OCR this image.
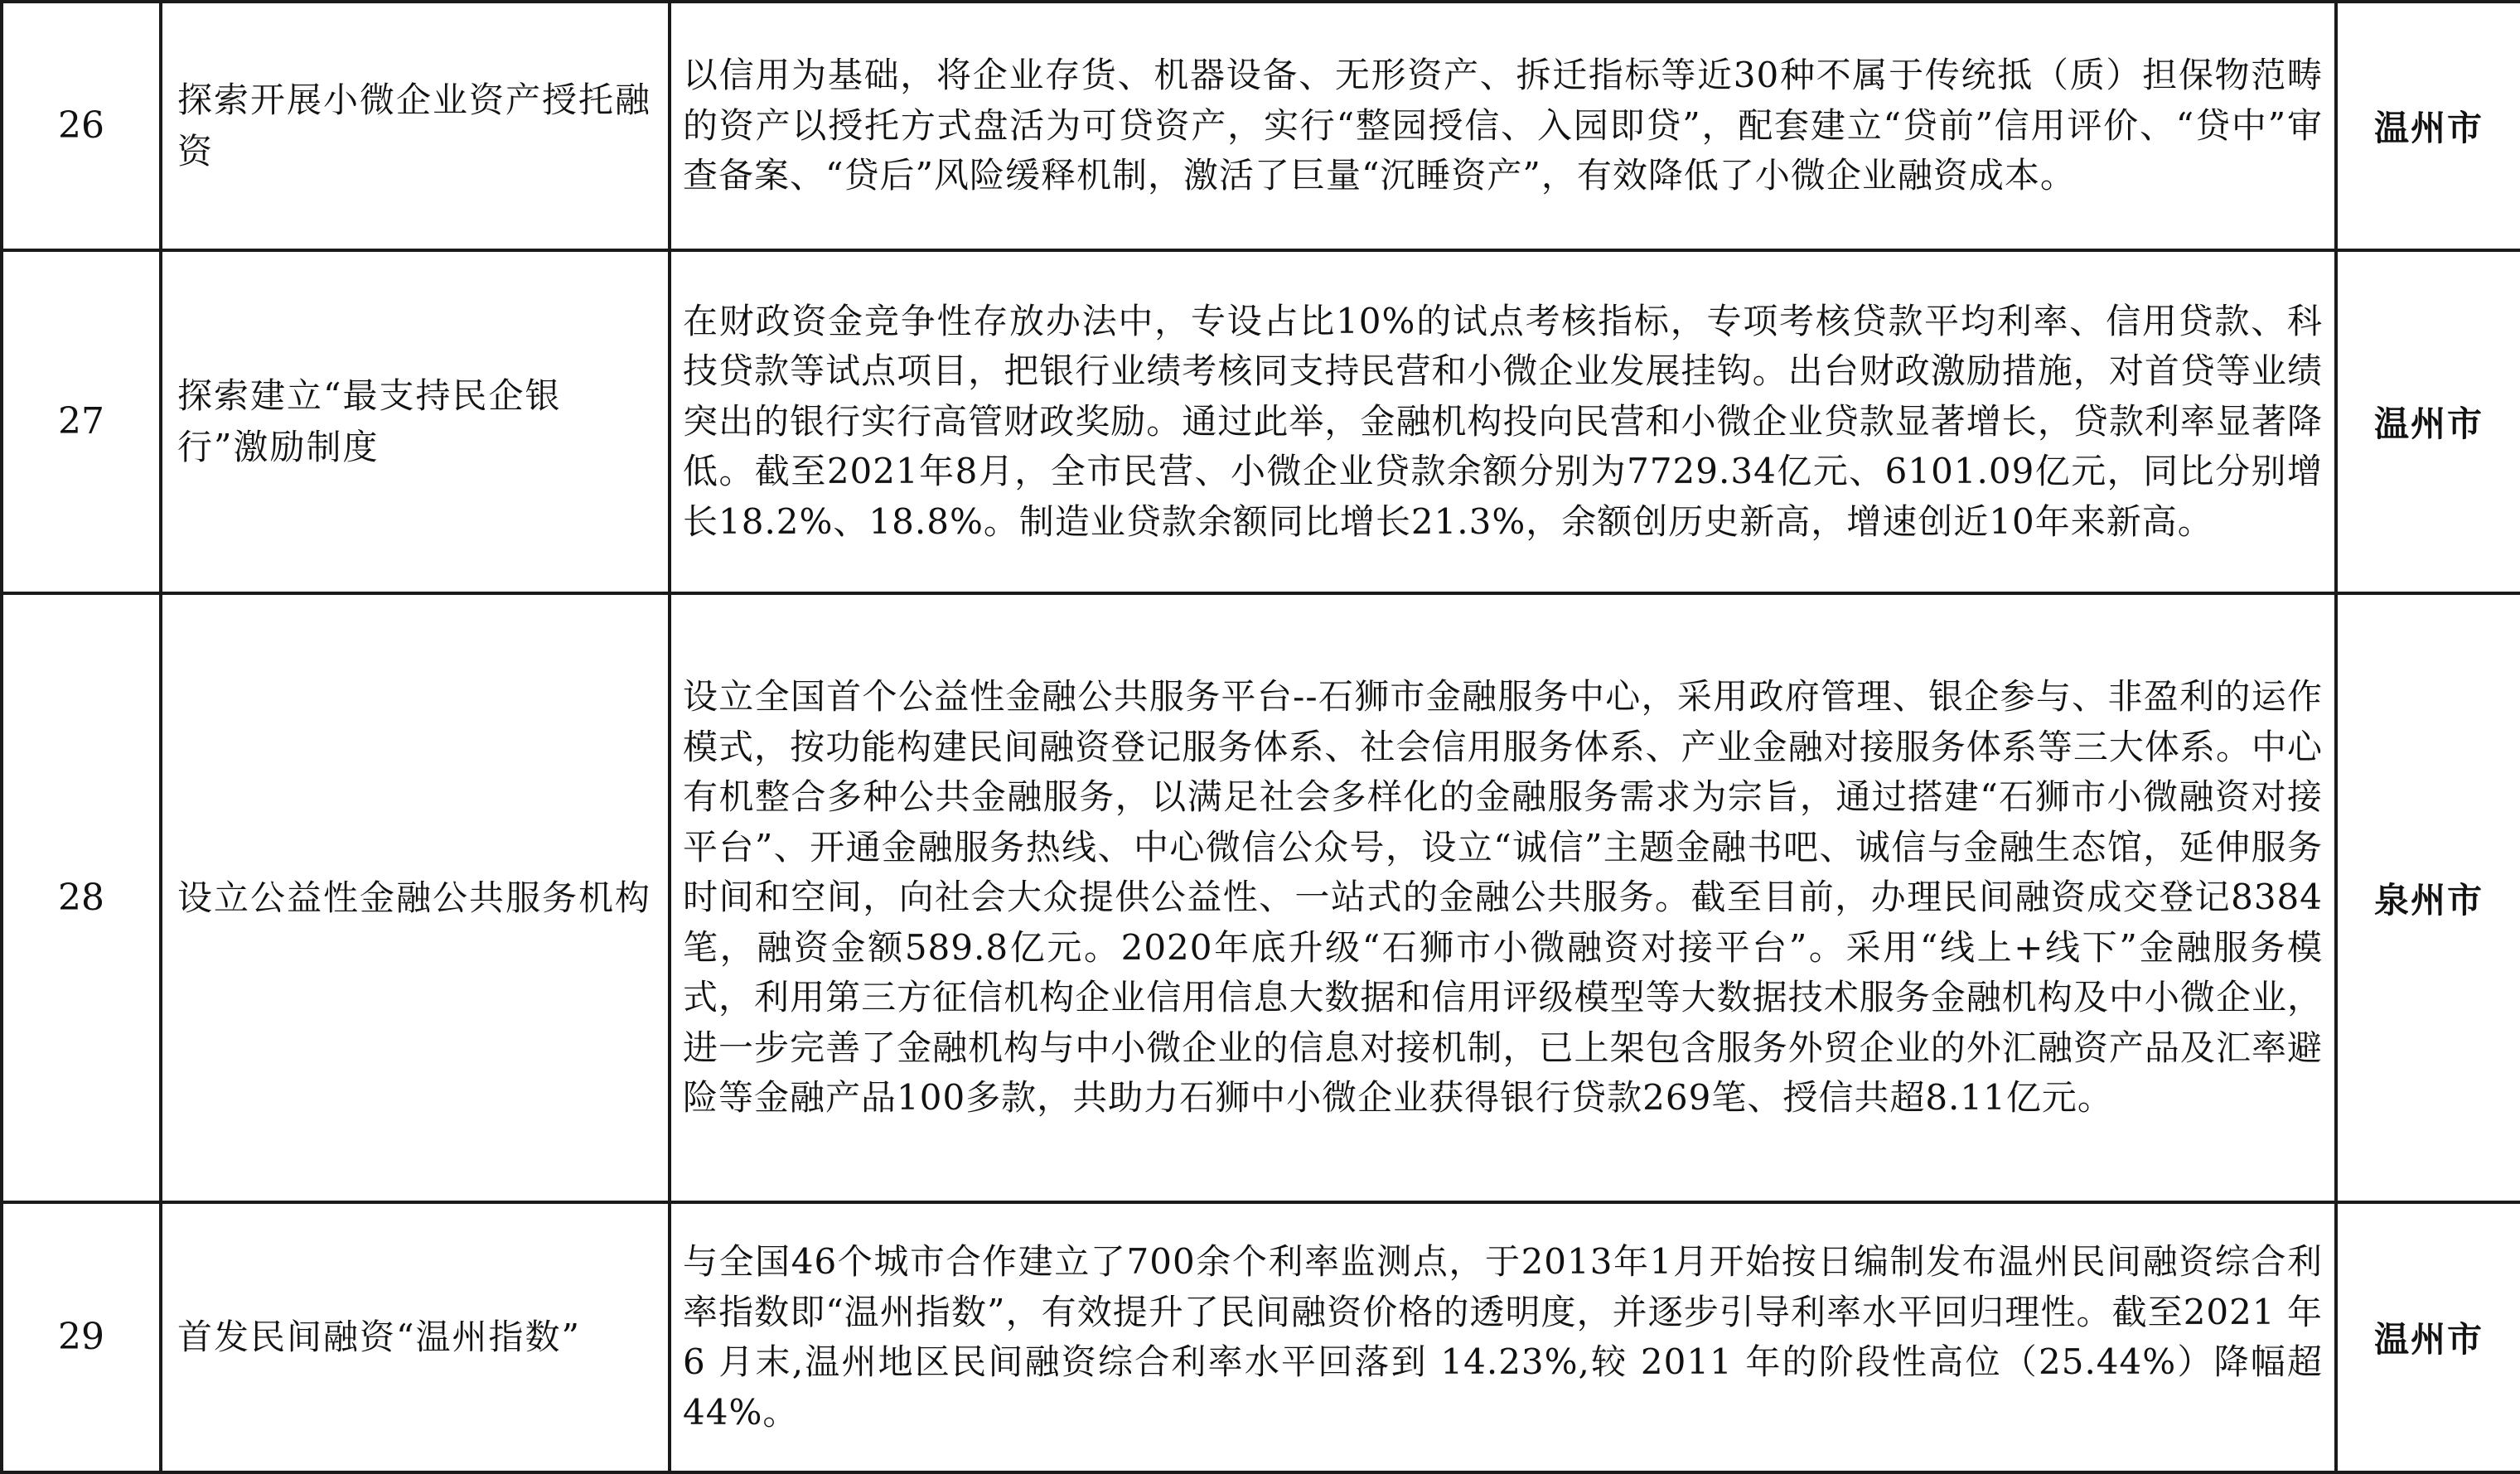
26	探索开展小微企业资产授托融资	以信用为基础，将企业存货、机器设备、无形资产、拆迁指标等近30种不属于传统抵（质）担保物范畴的资产以授托方式盘活为可贷资产，实行“整园授信、入园即贷”，配套建立“贷前”信用评价、“贷中”审查备案、“贷后”风险缓释机制，激活了巨量“沉睡资产”，有效降低了小微企业融资成本。	温州市
27	探索建立“最支持民企银行”激励制度	在财政资金竞争性存放办法中，专设占比10%的试点考核指标，专项考核贷款平均利率、信用贷款、科技贷款等试点项目，把银行业绩考核同支持民营和小微企业发展挂钩。出台财政激励措施，对首贷等业绩突出的银行实行高管财政奖励。通过此举，金融机构投向民营和小微企业贷款显著增长，贷款利率显著降低。截至2021年8月，全市民营、小微企业贷款余额分别为7729.34亿元、6101.09亿元，同比分别增长18.2%、18.8%。制造业贷款余额同比增长21.3%，余额创历史新高，增速创近10年来新高。	温州市
28	设立公益性金融公共服务机构	设立全国首个公益性金融公共服务平台--石狮市金融服务中心，采用政府管理、银企参与、非盈利的运作模式，按功能构建民间融资登记服务体系、社会信用服务体系、产业金融对接服务体系等三大体系。中心有机整合多种公共金融服务，以满足社会多样化的金融服务需求为宗旨，通过搭建“石狮市小微融资对接平台”、开通金融服务热线、中心微信公众号，设立“诚信”主题金融书吧、诚信与金融生态馆，延伸服务时间和空间，向社会大众提供公益性、一站式的金融公共服务。截至目前，办理民间融资成交登记8384笔，融资金额589.8亿元。2020年底升级“石狮市小微融资对接平台”。采用“线上+线下”金融服务模式，利用第三方征信机构企业信用信息大数据和信用评级模型等大数据技术服务金融机构及中小微企业，进一步完善了金融机构与中小微企业的信息对接机制，已上架包含服务外贸企业的外汇融资产品及汇率避险等金融产品100多款，共助力石狮中小微企业获得银行贷款269笔、授信共超8.11亿元。	泉州市
29	首发民间融资“温州指数”	与全国46个城市合作建立了700余个利率监测点，于2013年1月开始按日编制发布温州民间融资综合利率指数即“温州指数”，有效提升了民间融资价格的透明度，并逐步引导利率水平回归理性。截至2021 年 6 月末,温州地区民间融资综合利率水平回落到 14.23%,较 2011 年的阶段性高位（25.44%）降幅超 44%。	温州市
